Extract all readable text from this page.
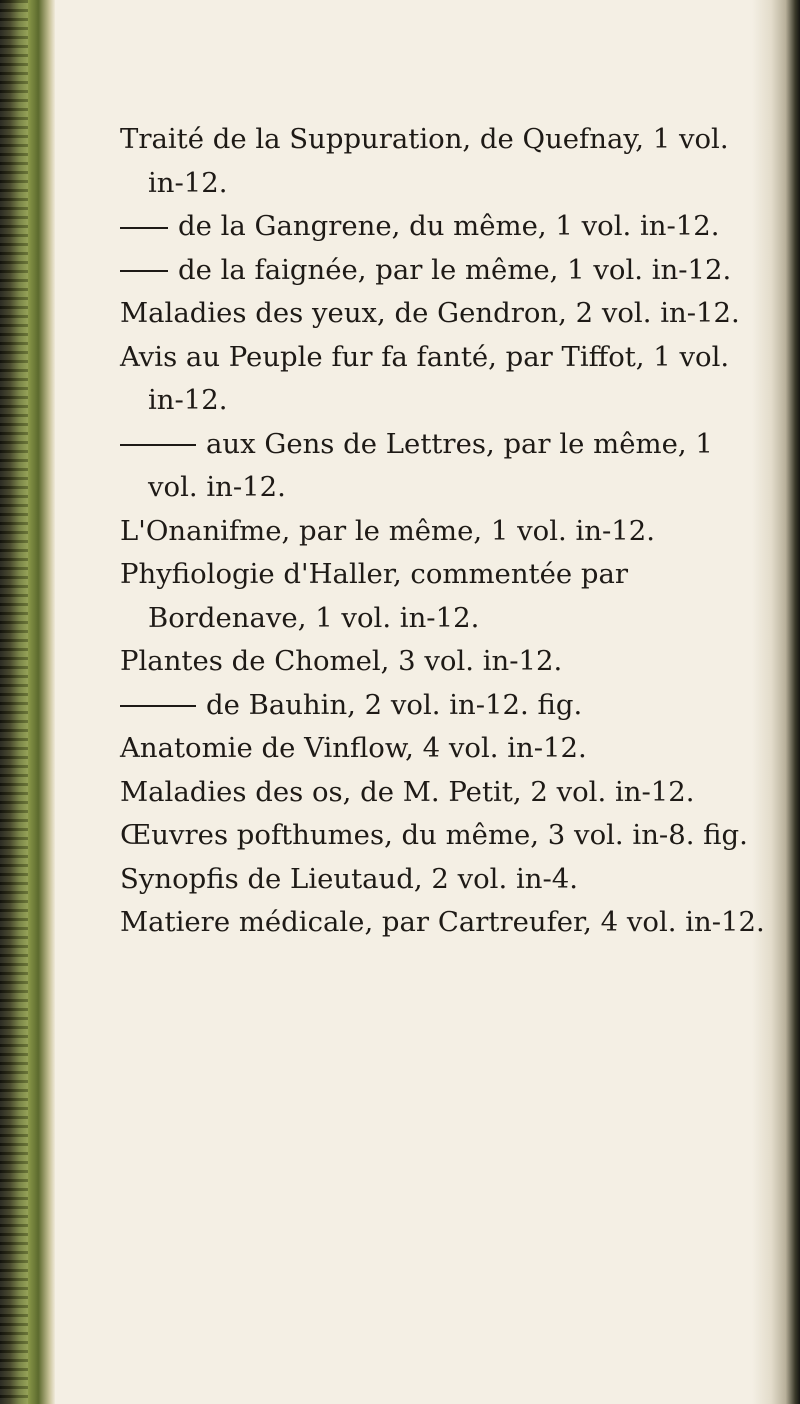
Traité de la Suppuration, de Quefnay, 1 vol. in-12.
de la Gangrene, du même, 1 vol. in-12.
de la faignée, par le même, 1 vol. in-12.
Maladies des yeux, de Gendron, 2 vol. in-12.
Avis au Peuple fur fa fanté, par Tiffot, 1 vol. in-12.
aux Gens de Lettres, par le même, 1 vol. in-12.
L'Onanifme, par le même, 1 vol. in-12.
Phyfiologie d'Haller, commentée par Bordenave, 1 vol. in-12.
Plantes de Chomel, 3 vol. in-12.
de Bauhin, 2 vol. in-12. fig.
Anatomie de Vinflow, 4 vol. in-12.
Maladies des os, de M. Petit, 2 vol. in-12.
Œuvres pofthumes, du même, 3 vol. in-8. fig.
Synopfis de Lieutaud, 2 vol. in-4.
Matiere médicale, par Cartreufer, 4 vol. in-12.
